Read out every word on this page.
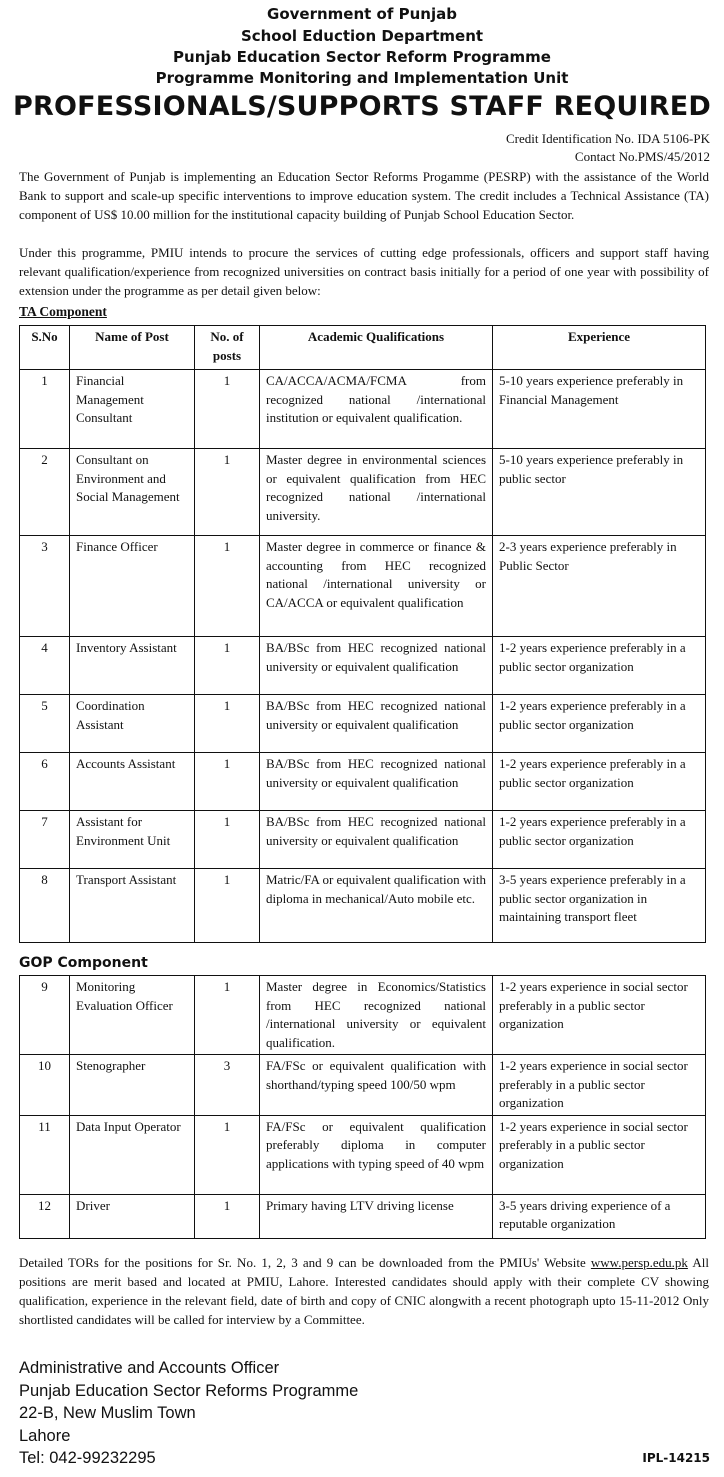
Government of Punjab
School Eduction Department
Punjab Education Sector Reform Programme
Programme Monitoring and Implementation Unit
PROFESSIONALS/SUPPORTS STAFF REQUIRED
Credit Identification No. IDA 5106-PK
Contact No.PMS/45/2012
The Government of Punjab is implementing an Education Sector Reforms Progamme (PESRP) with the assistance of the World Bank to support and scale-up specific interventions to improve education system. The credit includes a Technical Assistance (TA) component of US$ 10.00 million for the institutional capacity building of Punjab School Education Sector.
Under this programme, PMIU intends to procure the services of cutting edge professionals, officers and support staff having relevant qualification/experience from recognized universities on contract basis initially for a period of one year with possibility of extension under the programme as per detail given below:
TA Component
S.No	Name of Post	No. of posts	Academic Qualifications	Experience
1	Financial Management Consultant	1	CA/ACCA/ACMA/FCMA from recognized national /international institution or equivalent qualification.	5-10 years experience preferably in Financial Management
2	Consultant on Environment and Social Management	1	Master degree in environmental sciences or equivalent qualification from HEC recognized national /international university.	5-10 years experience preferably in public sector
3	Finance Officer	1	Master degree in commerce or finance & accounting from HEC recognized national /international university or CA/ACCA or equivalent qualification	2-3 years experience preferably in Public Sector
4	Inventory Assistant	1	BA/BSc from HEC recognized national university or equivalent qualification	1-2 years experience preferably in a public sector organization
5	Coordination Assistant	1	BA/BSc from HEC recognized national university or equivalent qualification	1-2 years experience preferably in a public sector organization
6	Accounts Assistant	1	BA/BSc from HEC recognized national university or equivalent qualification	1-2 years experience preferably in a public sector organization
7	Assistant for Environment Unit	1	BA/BSc from HEC recognized national university or equivalent qualification	1-2 years experience preferably in a public sector organization
8	Transport Assistant	1	Matric/FA or equivalent qualification with diploma in mechanical/Auto mobile etc.	3-5 years experience preferably in a public sector organization in maintaining transport fleet
GOP Component
9	Monitoring Evaluation Officer	1	Master degree in Economics/Statistics from HEC recognized national /international university or equivalent qualification.	1-2 years experience in social sector preferably in a public sector organization
10	Stenographer	3	FA/FSc or equivalent qualification with shorthand/typing speed 100/50 wpm	1-2 years experience in social sector preferably in a public sector organization
11	Data Input Operator	1	FA/FSc or equivalent qualification preferably diploma in computer applications with typing speed of 40 wpm	1-2 years experience in social sector preferably in a public sector organization
12	Driver	1	Primary having LTV driving license	3-5 years driving experience of a reputable organization
Detailed TORs for the positions for Sr. No. 1, 2, 3 and 9 can be downloaded from the PMIUs' Website www.persp.edu.pk All positions are merit based and located at PMIU, Lahore. Interested candidates should apply with their complete CV showing qualification, experience in the relevant field, date of birth and copy of CNIC alongwith a recent photograph upto 15-11-2012 Only shortlisted candidates will be called for interview by a Committee.
Administrative and Accounts Officer
Punjab Education Sector Reforms Programme
22-B, New Muslim Town
Lahore
Tel: 042-99232295	IPL-14215
